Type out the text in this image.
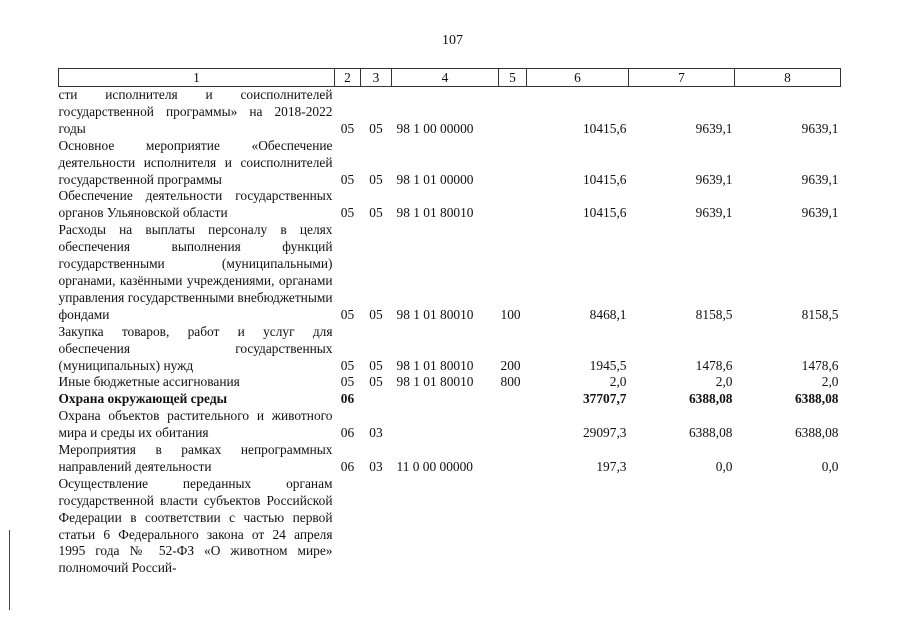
107
1	2	3	4	5	6	7	8
сти исполнителя и соисполнителей государственной программы» на 2018-2022 годы	05	05	98 1 00 00000		10415,6	9639,1	9639,1
Основное мероприятие «Обеспечение деятельности исполнителя и соисполнителей государственной программы	05	05	98 1 01 00000		10415,6	9639,1	9639,1
Обеспечение деятельности государственных органов Ульяновской области	05	05	98 1 01 80010		10415,6	9639,1	9639,1
Расходы на выплаты персоналу в целях обеспечения выполнения функций государственными (муниципальными) органами, казёнными учреждениями, органами управления государственными внебюджетными фондами	05	05	98 1 01 80010	100	8468,1	8158,5	8158,5
Закупка товаров, работ и услуг для обеспечения государственных (муниципальных) нужд	05	05	98 1 01 80010	200	1945,5	1478,6	1478,6
Иные бюджетные ассигнования	05	05	98 1 01 80010	800	2,0	2,0	2,0
Охрана окружающей среды	06				37707,7	6388,08	6388,08
Охрана объектов растительного и животного мира и среды их обитания	06	03			29097,3	6388,08	6388,08
Мероприятия в рамках непрограммных направлений деятельности	06	03	11 0 00 00000		197,3	0,0	0,0
Осуществление переданных органам государственной власти субъектов Российской Федерации в соответствии с частью первой статьи 6 Федерального закона от 24 апреля 1995 года № 52-ФЗ «О животном мире» полномочий Россий-							
